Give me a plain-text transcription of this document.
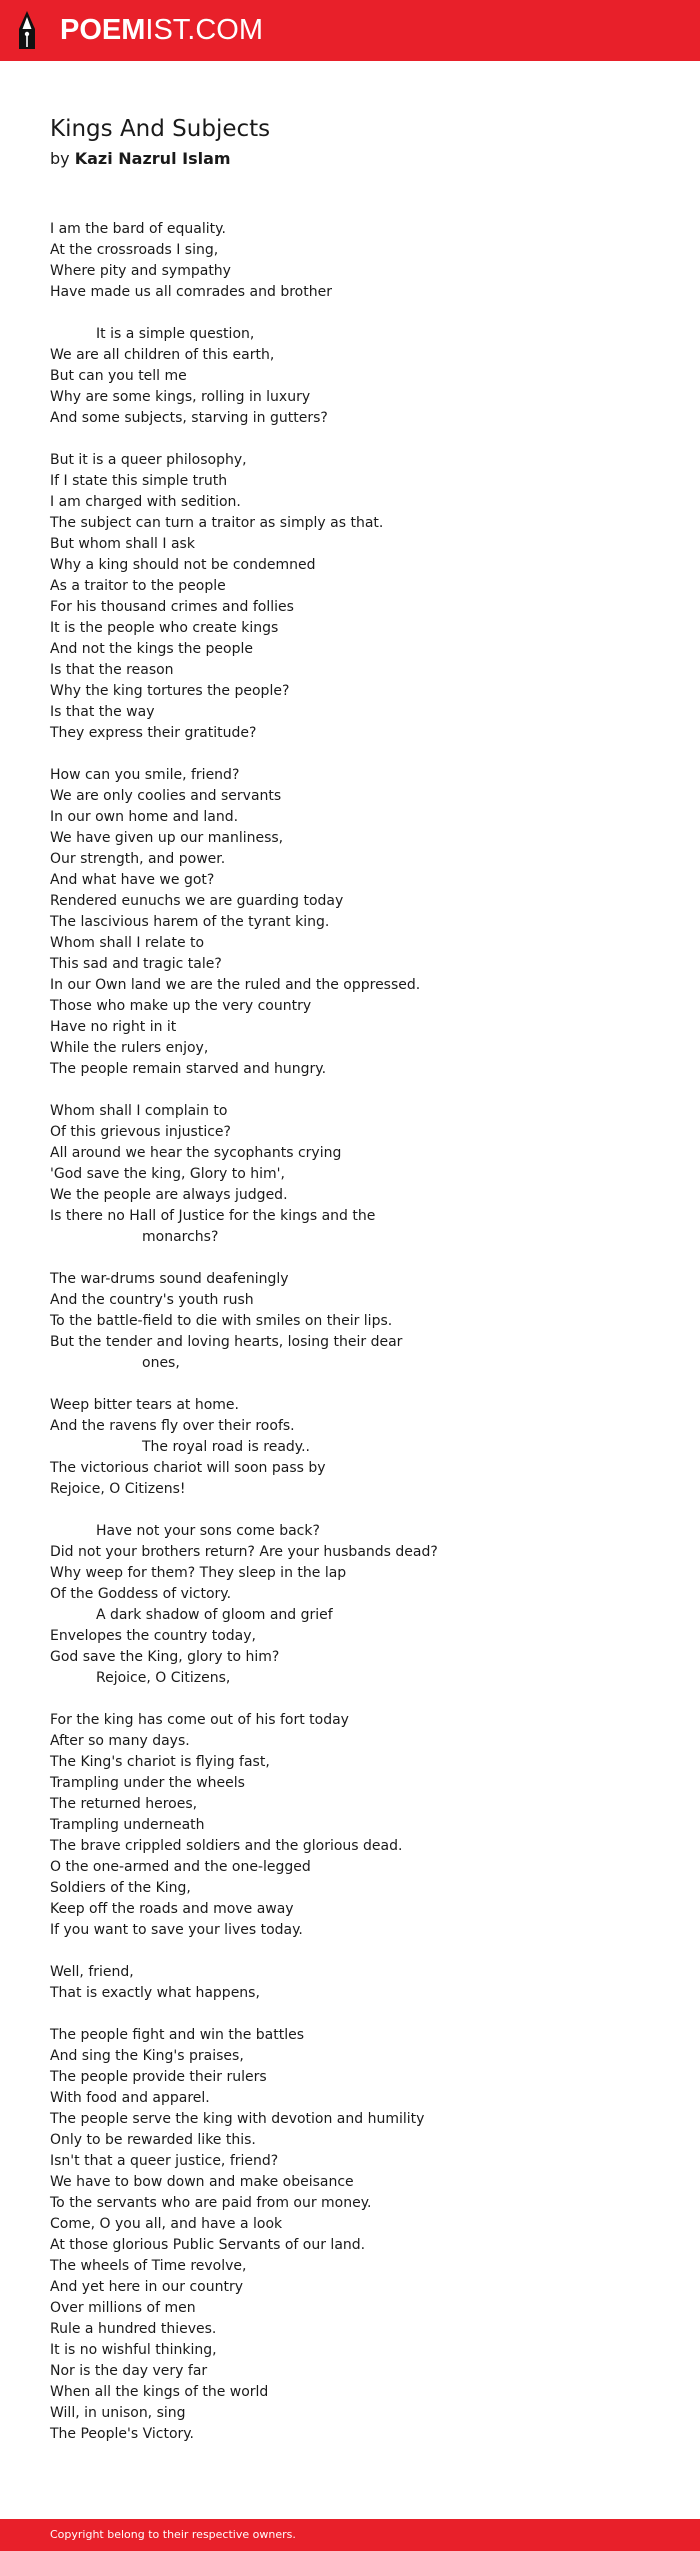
POEMIST.COM
Kings And Subjects
by Kazi Nazrul Islam
I am the bard of equality.
At the crossroads I sing,
Where pity and sympathy
Have made us all comrades and brother
It is a simple question,
We are all children of this earth,
But can you tell me
Why are some kings, rolling in luxury
And some subjects, starving in gutters?
But it is a queer philosophy,
If I state this simple truth
I am charged with sedition.
The subject can turn a traitor as simply as that.
But whom shall I ask
Why a king should not be condemned
As a traitor to the people
For his thousand crimes and follies
It is the people who create kings
And not the kings the people
Is that the reason
Why the king tortures the people?
Is that the way
They express their gratitude?
How can you smile, friend?
We are only coolies and servants
In our own home and land.
We have given up our manliness,
Our strength, and power.
And what have we got?
Rendered eunuchs we are guarding today
The lascivious harem of the tyrant king.
Whom shall I relate to
This sad and tragic tale?
In our Own land we are the ruled and the oppressed.
Those who make up the very country
Have no right in it
While the rulers enjoy,
The people remain starved and hungry.
Whom shall I complain to
Of this grievous injustice?
All around we hear the sycophants crying
'God save the king, Glory to him',
We the people are always judged.
Is there no Hall of Justice for the kings and the
monarchs?
The war-drums sound deafeningly
And the country's youth rush
To the battle-field to die with smiles on their lips.
But the tender and loving hearts, losing their dear
ones,
Weep bitter tears at home.
And the ravens fly over their roofs.
The royal road is ready..
The victorious chariot will soon pass by
Rejoice, O Citizens!
Have not your sons come back?
Did not your brothers return? Are your husbands dead?
Why weep for them? They sleep in the lap
Of the Goddess of victory.
A dark shadow of gloom and grief
Envelopes the country today,
God save the King, glory to him?
Rejoice, O Citizens,
For the king has come out of his fort today
After so many days.
The King's chariot is flying fast,
Trampling under the wheels
The returned heroes,
Trampling underneath
The brave crippled soldiers and the glorious dead.
O the one-armed and the one-legged
Soldiers of the King,
Keep off the roads and move away
If you want to save your lives today.
Well, friend,
That is exactly what happens,
The people fight and win the battles
And sing the King's praises,
The people provide their rulers
With food and apparel.
The people serve the king with devotion and humility
Only to be rewarded like this.
Isn't that a queer justice, friend?
We have to bow down and make obeisance
To the servants who are paid from our money.
Come, O you all, and have a look
At those glorious Public Servants of our land.
The wheels of Time revolve,
And yet here in our country
Over millions of men
Rule a hundred thieves.
It is no wishful thinking,
Nor is the day very far
When all the kings of the world
Will, in unison, sing
The People's Victory.
Copyright belong to their respective owners.
